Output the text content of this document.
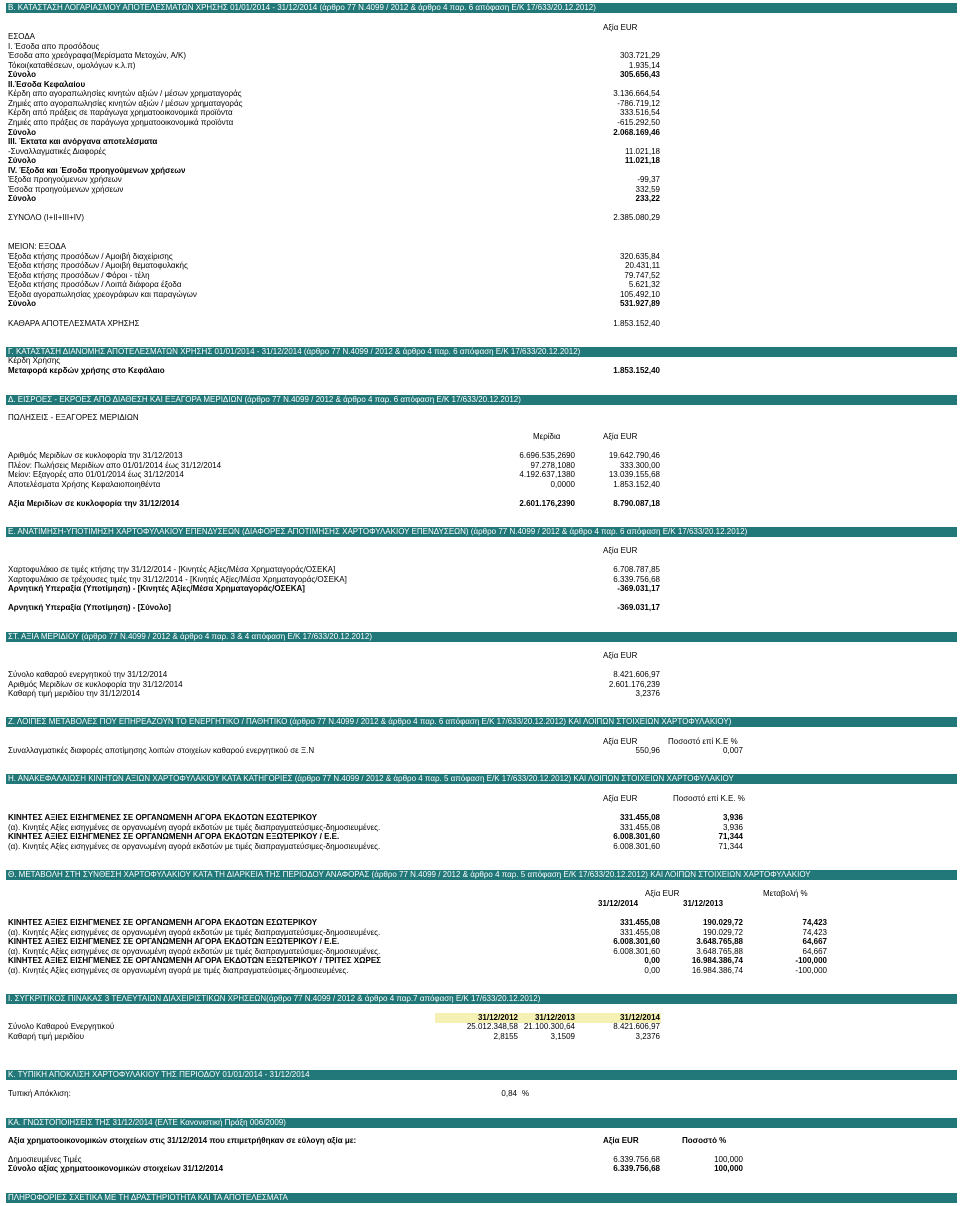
Β. ΚΑΤΑΣΤΑΣΗ ΛΟΓΑΡΙΑΣΜΟΥ ΑΠΟΤΕΛΕΣΜΑΤΩΝ ΧΡΗΣΗΣ 01/01/2014 - 31/12/2014 (άρθρο 77 Ν.4099 / 2012 & άρθρο 4 παρ. 6 απόφαση Ε/Κ 17/633/20.12.2012)
Αξία EUR
ΕΣΟΔΑ
Ι. Έσοδα απο προσόδους
Έσοδα απο χρεόγραφα(Μερίσματα Μετοχών, Α/Κ)	303.721,29
Τόκοι(καταθέσεων, ομολόγων κ.λ.π)	1.935,14
Σύνολο	305.656,43
ΙΙ.Έσοδα Κεφαλαίου
Κέρδη απο αγοραπωλησίες κινητών αξιών / μέσων χρηματαγοράς	3.136.664,54
Ζημιές απο αγοραπωλησίες κινητών αξιών / μέσων χρηματαγοράς	-786.719,12
Κέρδη από πράξεις σε παράγωγα χρηματοοικονομικά προϊόντα	333.516,54
Ζημιές απο πράξεις σε παράγωγα χρηματοοικονομικά προϊόντα	-615.292,50
Σύνολο	2.068.169,46
ΙΙΙ. Έκτατα και ανόργανα αποτελέσματα
-Συναλλαγματικές Διαφορές	11.021,18
Σύνολο	11.021,18
ΙV. Έξοδα και Έσοδα προηγούμενων χρήσεων
Έξοδα προηγούμενων χρήσεων	-99,37
Έσοδα προηγούμενων χρήσεων	332,59
Σύνολο	233,22
ΣΥΝΟΛΟ (Ι+ΙΙ+ΙΙΙ+ΙV)	2.385.080,29
ΜΕΙΟΝ: ΕΞΟΔΑ
Έξοδα κτήσης προσόδων / Αμοιβή διαχείρισης	320.635,84
Έξοδα κτήσης προσόδων / Αμοιβή θεματοφυλακής	20.431,11
Έξοδα κτήσης προσόδων / Φόροι - τέλη	79.747,52
Έξοδα κτήσης προσόδων / Λοιπά διάφορα έξοδα	5.621,32
Έξοδα αγοραπωλησίας χρεογράφων και παραγώγων	105.492,10
Σύνολο	531.927,89
ΚΑΘΑΡΑ ΑΠΟΤΕΛΕΣΜΑΤΑ ΧΡΗΣΗΣ	1.853.152,40
Γ. ΚΑΤΑΣΤΑΣΗ ΔΙΑΝΟΜΗΣ ΑΠΟΤΕΛΕΣΜΑΤΩΝ ΧΡΗΣΗΣ 01/01/2014 - 31/12/2014 (άρθρο 77 Ν.4099 / 2012 & άρθρο 4 παρ. 6 απόφαση Ε/Κ 17/633/20.12.2012)
Κέρδη Χρήσης
Μεταφορά κερδών χρήσης στο Κεφάλαιο	1.853.152,40
Δ. ΕΙΣΡΟΕΣ - ΕΚΡΟΕΣ ΑΠΟ ΔΙΑΘΕΣΗ ΚΑΙ ΕΞΑΓΟΡΑ ΜΕΡΙΔΙΩΝ (άρθρο 77 Ν.4099 / 2012 & άρθρο 4 παρ. 6 απόφαση Ε/Κ 17/633/20.12.2012)
ΠΩΛΗΣΕΙΣ - ΕΞΑΓΟΡΕΣ ΜΕΡΙΔΙΩΝ
Μερίδια	Αξία EUR
Αριθμός Μεριδίων σε κυκλοφορία την 31/12/2013	6.696.535,2690	19.642.790,46
Πλέον: Πωλήσεις Μεριδίων απο 01/01/2014 έως 31/12/2014	97.278,1080	333.300,00
Μείον: Εξαγορές απο 01/01/2014 έως 31/12/2014	4.192.637,1380	13.039.155,68
Αποτελέσματα Χρήσης Κεφαλαιοποιηθέντα	0,0000	1.853.152,40
Αξία Μεριδίων σε κυκλοφορία την 31/12/2014	2.601.176,2390	8.790.087,18
Ε. ΑΝΑΤΙΜΗΣΗ-ΥΠΟΤΙΜΗΣΗ ΧΑΡΤΟΦΥΛΑΚΙΟΥ ΕΠΕΝΔΥΣΕΩΝ (ΔΙΑΦΟΡΕΣ ΑΠΟΤΙΜΗΣΗΣ ΧΑΡΤΟΦΥΛΑΚΙΟΥ ΕΠΕΝΔΥΣΕΩΝ) (άρθρο 77 Ν.4099 / 2012 & άρθρο 4 παρ. 6 απόφαση Ε/Κ 17/633/20.12.2012)
Αξία EUR
Χαρτοφυλάκιο σε τιμές κτήσης την 31/12/2014 - [Κινητές Αξίες/Μέσα Χρηματαγοράς/ΟΣΕΚΑ]	6.708.787,85
Χαρτοφυλάκιο σε τρέχουσες τιμές την 31/12/2014 - [Κινητές Αξίες/Μέσα Χρηματαγοράς/ΟΣΕΚΑ]	6.339.756,68
Αρνητική Υπεραξία (Υποτίμηση) - [Κινητές Αξίες/Μέσα Χρηματαγοράς/ΟΣΕΚΑ]	-369.031,17
Αρνητική Υπεραξία (Υποτίμηση) - [Σύνολο]	-369.031,17
ΣΤ. ΑΞΙΑ ΜΕΡΙΔΙΟΥ (άρθρο 77 Ν.4099 / 2012 & άρθρο 4 παρ. 3 & 4 απόφαση Ε/Κ 17/633/20.12.2012)
Αξία EUR
Σύνολο καθαρού ενεργητικού την 31/12/2014	8.421.606,97
Αριθμός Μεριδίων σε κυκλοφορία την 31/12/2014	2.601.176,239
Καθαρή τιμή μεριδίου την 31/12/2014	3,2376
Ζ. ΛΟΙΠΕΣ ΜΕΤΑΒΟΛΕΣ ΠΟΥ ΕΠΗΡΕΑΖΟΥΝ ΤΟ ΕΝΕΡΓΗΤΙΚΟ / ΠΑΘΗΤΙΚΟ (άρθρο 77 Ν.4099 / 2012 & άρθρο 4 παρ. 6 απόφαση Ε/Κ 17/633/20.12.2012) ΚΑΙ ΛΟΙΠΩΝ ΣΤΟΙΧΕΙΩΝ ΧΑΡΤΟΦΥΛΑΚΙΟΥ)
Αξία EUR	Ποσοστό επί Κ.Ε %
Συναλλαγματικές διαφορές αποτίμησης λοιπών στοιχείων καθαρού ενεργητικού σε Ξ.Ν	550,96	0,007
Η. ΑΝΑΚΕΦΑΛΑΙΩΣΗ ΚΙΝΗΤΩΝ ΑΞΙΩΝ ΧΑΡΤΟΦΥΛΑΚΙΟΥ ΚΑΤΑ ΚΑΤΗΓΟΡΙΕΣ (άρθρο 77 Ν.4099 / 2012 & άρθρο 4 παρ. 5 απόφαση Ε/Κ 17/633/20.12.2012) ΚΑΙ ΛΟΙΠΩΝ ΣΤΟΙΧΕΙΩΝ ΧΑΡΤΟΦΥΛΑΚΙΟΥ
Αξία EUR	Ποσοστό επί Κ.Ε. %
ΚΙΝΗΤΕΣ ΑΞΙΕΣ ΕΙΣΗΓΜΕΝΕΣ ΣΕ ΟΡΓΑΝΩΜΕΝΗ ΑΓΟΡΑ ΕΚΔΟΤΩΝ ΕΣΩΤΕΡΙΚΟΥ	331.455,08	3,936
(α). Κινητές Αξίες εισηγμένες σε οργανωμένη αγορά εκδοτών με τιμές διαπραγματεύσιμες-δημοσιευμένες.	331.455,08	3,936
ΚΙΝΗΤΕΣ ΑΞΙΕΣ ΕΙΣΗΓΜΕΝΕΣ ΣΕ ΟΡΓΑΝΩΜΕΝΗ ΑΓΟΡΑ ΕΚΔΟΤΩΝ ΕΞΩΤΕΡΙΚΟΥ / Ε.Ε.	6.008.301,60	71,344
(α). Κινητές Αξίες εισηγμένες σε οργανωμένη αγορά εκδοτών με τιμές διαπραγματεύσιμες-δημοσιευμένες.	6.008.301,60	71,344
Θ. ΜΕΤΑΒΟΛΗ ΣΤΗ ΣΥΝΘΕΣΗ ΧΑΡΤΟΦΥΛΑΚΙΟΥ ΚΑΤΑ ΤΗ ΔΙΑΡΚΕΙΑ ΤΗΣ ΠΕΡΙΟΔΟΥ ΑΝΑΦΟΡΑΣ (άρθρο 77 Ν.4099 / 2012 & άρθρο 4 παρ. 5 απόφαση Ε/Κ 17/633/20.12.2012) ΚΑΙ ΛΟΙΠΩΝ ΣΤΟΙΧΕΙΩΝ ΧΑΡΤΟΦΥΛΑΚΙΟΥ
Αξία EUR	Μεταβολή %
31/12/2014	31/12/2013
ΚΙΝΗΤΕΣ ΑΞΙΕΣ ΕΙΣΗΓΜΕΝΕΣ ΣΕ ΟΡΓΑΝΩΜΕΝΗ ΑΓΟΡΑ ΕΚΔΟΤΩΝ ΕΣΩΤΕΡΙΚΟΥ	331.455,08	190.029,72	74,423
(α). Κινητές Αξίες εισηγμένες σε οργανωμένη αγορά εκδοτών με τιμές διαπραγματεύσιμες-δημοσιευμένες.	331.455,08	190.029,72	74,423
ΚΙΝΗΤΕΣ ΑΞΙΕΣ ΕΙΣΗΓΜΕΝΕΣ ΣΕ ΟΡΓΑΝΩΜΕΝΗ ΑΓΟΡΑ ΕΚΔΟΤΩΝ ΕΞΩΤΕΡΙΚΟΥ / Ε.Ε.	6.008.301,60	3.648.765,88	64,667
(α). Κινητές Αξίες εισηγμένες σε οργανωμένη αγορά εκδοτών με τιμές διαπραγματεύσιμες-δημοσιευμένες.	6.008.301,60	3.648.765,88	64,667
ΚΙΝΗΤΕΣ ΑΞΙΕΣ ΕΙΣΗΓΜΕΝΕΣ ΣΕ ΟΡΓΑΝΩΜΕΝΗ ΑΓΟΡΑ ΕΚΔΟΤΩΝ ΕΞΩΤΕΡΙΚΟΥ / ΤΡΙΤΕΣ ΧΩΡΕΣ	0,00	16.984.386,74	-100,000
(α). Κινητές Αξίες εισηγμένες σε οργανωμένη αγορά με τιμές διαπραγματεύσιμες-δημοσιευμένες.	0,00	16.984.386,74	-100,000
Ι. ΣΥΓΚΡΙΤΙΚΟΣ ΠΙΝΑΚΑΣ 3 ΤΕΛΕΥΤΑΙΩΝ ΔΙΑΧΕΙΡΙΣΤΙΚΩΝ ΧΡΗΣΕΩΝ(άρθρο 77 Ν.4099 / 2012 & άρθρο 4 παρ.7 απόφαση Ε/Κ 17/633/20.12.2012)
31/12/2012	31/12/2013	31/12/2014
Σύνολο Καθαρού Ενεργητικού	25.012.348,58 21.100.300,64	8.421.606,97
Καθαρή τιμή μεριδίου	2,8155	3,1509	3,2376
Κ. ΤΥΠΙΚΗ ΑΠΟΚΛΙΣΗ ΧΑΡΤΟΦΥΛΑΚΙΟΥ ΤΗΣ ΠΕΡΙΟΔΟΥ 01/01/2014 - 31/12/2014
Τυπική Απόκλιση:	0,84 %
ΚΑ. ΓΝΩΣΤΟΠΟΙΗΣΕΙΣ ΤΗΣ 31/12/2014 (ΕΛΤΕ Κανονιστική Πράξη 006/2009)
Αξία χρηματοοικονομικών στοιχείων στις 31/12/2014 που επιμετρήθηκαν σε εύλογη αξία με:	Αξία EUR	Ποσοστό %
Δημοσιευμένες Τιμές	6.339.756,68	100,000
Σύνολο αξίας χρηματοοικονομικών στοιχείων 31/12/2014	6.339.756,68	100,000
ΠΛΗΡΟΦΟΡΙΕΣ ΣΧΕΤΙΚΑ ΜΕ ΤΗ ΔΡΑΣΤΗΡΙΟΤΗΤΑ ΚΑΙ ΤΑ ΑΠΟΤΕΛΕΣΜΑΤΑ
